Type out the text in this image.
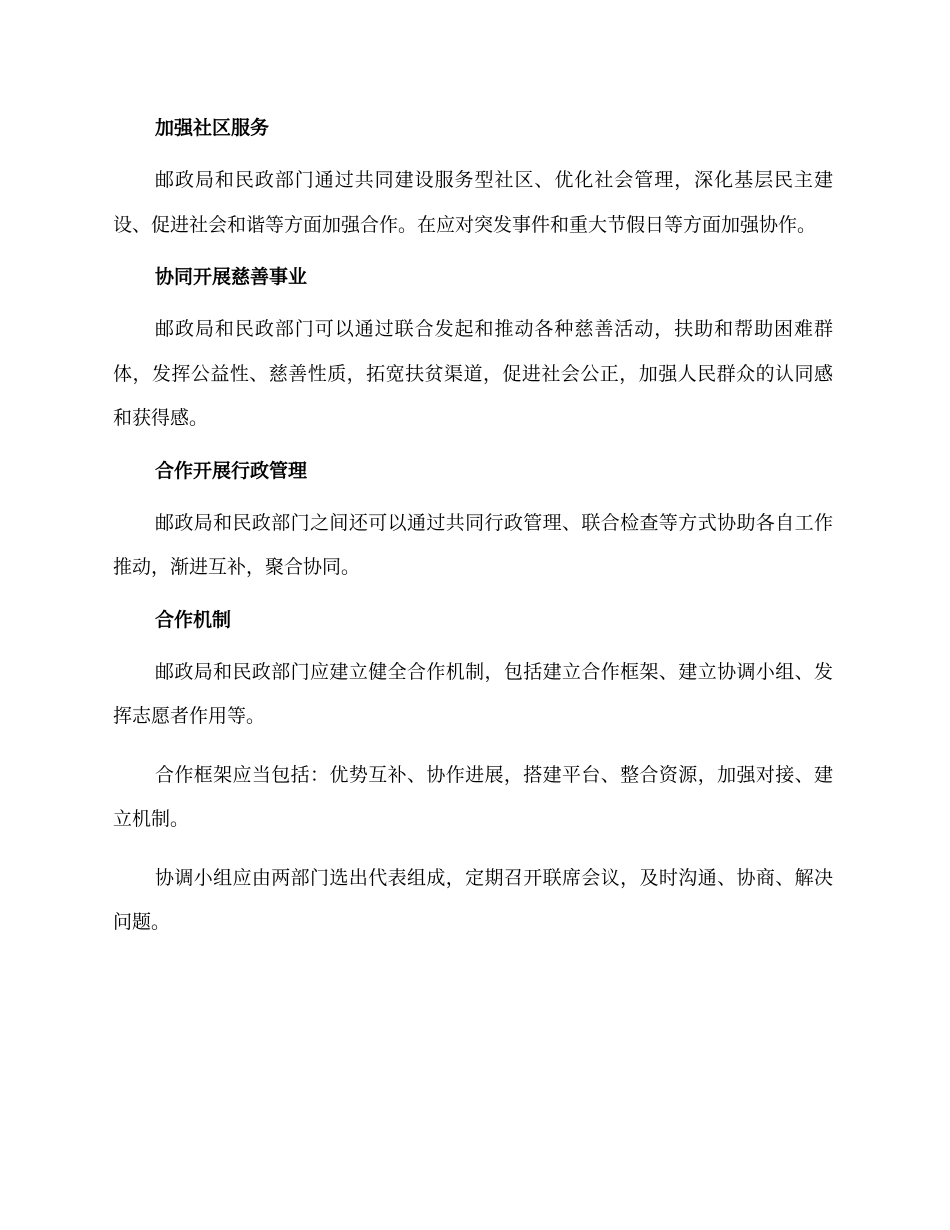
加强社区服务

邮政局和民政部门通过共同建设服务型社区、优化社会管理，深化基层民主建设、促进社会和谐等方面加强合作。在应对突发事件和重大节假日等方面加强协作。

协同开展慈善事业

邮政局和民政部门可以通过联合发起和推动各种慈善活动，扶助和帮助困难群体，发挥公益性、慈善性质，拓宽扶贫渠道，促进社会公正，加强人民群众的认同感和获得感。

合作开展行政管理

邮政局和民政部门之间还可以通过共同行政管理、联合检查等方式协助各自工作推动，渐进互补，聚合协同。

合作机制

邮政局和民政部门应建立健全合作机制，包括建立合作框架、建立协调小组、发挥志愿者作用等。

合作框架应当包括：优势互补、协作进展，搭建平台、整合资源，加强对接、建立机制。

协调小组应由两部门选出代表组成，定期召开联席会议，及时沟通、协商、解决问题。
